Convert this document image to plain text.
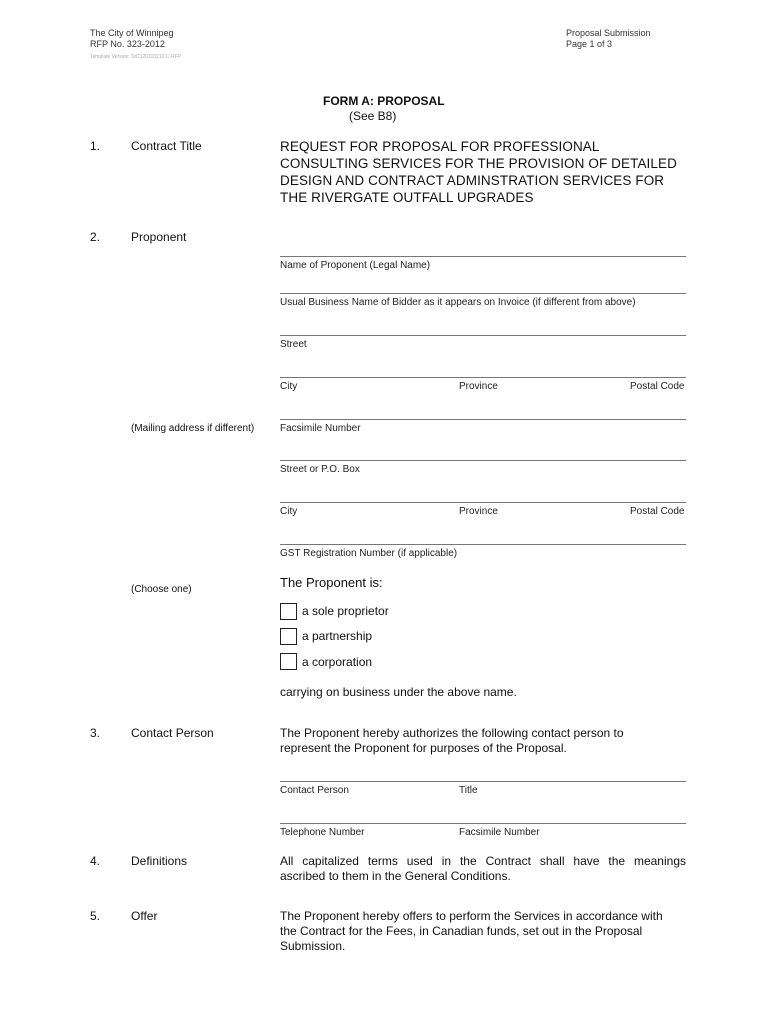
The City of Winnipeg
RFP No. 323-2012
Template Version: SrC120110216 C-RFP
Proposal Submission
Page 1 of 3
FORM A: PROPOSAL
(See B8)
1.	Contract Title	REQUEST FOR PROPOSAL FOR PROFESSIONAL
CONSULTING SERVICES FOR THE PROVISION OF DETAILED
DESIGN AND CONTRACT ADMINSTRATION SERVICES FOR
THE RIVERGATE OUTFALL UPGRADES
2.	Proponent
Name of Proponent (Legal Name)
Usual Business Name of Bidder as it appears on Invoice (if different from above)
Street
City	Province	Postal Code
(Mailing address if different)	Facsimile Number
Street or P.O. Box
City	Province	Postal Code
GST Registration Number (if applicable)
(Choose one)	The Proponent is:
a sole proprietor
a partnership
a corporation
carrying on business under the above name.
3.	Contact Person	The Proponent hereby authorizes the following contact person to
represent the Proponent for purposes of the Proposal.
Contact Person	Title
Telephone Number	Facsimile Number
4.	Definitions	All capitalized terms used in the Contract shall have the meanings
ascribed to them in the General Conditions.
5.	Offer	The Proponent hereby offers to perform the Services in accordance with
the Contract for the Fees, in Canadian funds, set out in the Proposal
Submission.
